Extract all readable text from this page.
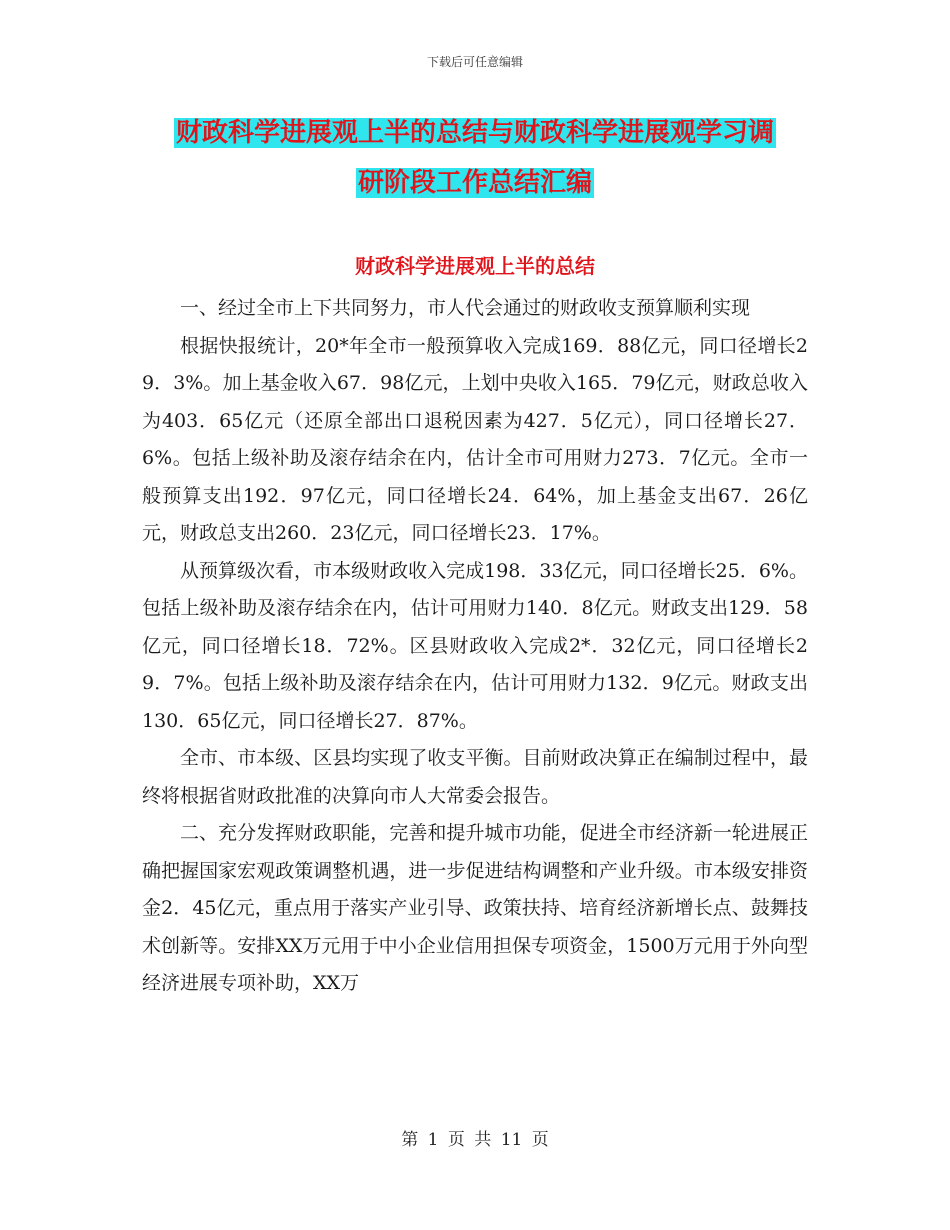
下载后可任意编辑
财政科学进展观上半的总结与财政科学进展观学习调
研阶段工作总结汇编
财政科学进展观上半的总结

一、经过全市上下共同努力，市人代会通过的财政收支预算顺利实现

根据快报统计，20*年全市一般预算收入完成169．88亿元，同口径增长29．3%。加上基金收入67．98亿元，上划中央收入165．79亿元，财政总收入为403．65亿元（还原全部出口退税因素为427．5亿元），同口径增长27．6%。包括上级补助及滚存结余在内，估计全市可用财力273．7亿元。全市一般预算支出192．97亿元，同口径增长24．64%，加上基金支出67．26亿元，财政总支出260．23亿元，同口径增长23．17%。

从预算级次看，市本级财政收入完成198．33亿元，同口径增长25．6%。包括上级补助及滚存结余在内，估计可用财力140．8亿元。财政支出129．58亿元，同口径增长18．72%。区县财政收入完成2*．32亿元，同口径增长29．7%。包括上级补助及滚存结余在内，估计可用财力132．9亿元。财政支出130．65亿元，同口径增长27．87%。

全市、市本级、区县均实现了收支平衡。目前财政决算正在编制过程中，最终将根据省财政批准的决算向市人大常委会报告。

二、充分发挥财政职能，完善和提升城市功能，促进全市经济新一轮进展正确把握国家宏观政策调整机遇，进一步促进结构调整和产业升级。市本级安排资金2．45亿元，重点用于落实产业引导、政策扶持、培育经济新增长点、鼓舞技术创新等。安排XX万元用于中小企业信用担保专项资金，1500万元用于外向型经济进展专项补助，XX万

第 1 页 共 11 页
